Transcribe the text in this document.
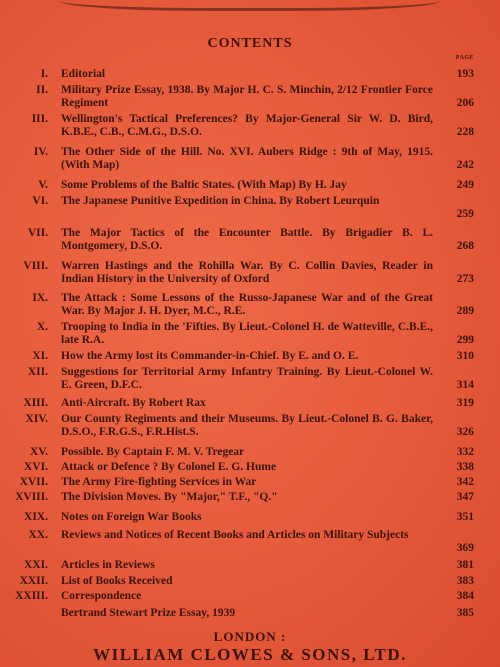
CONTENTS
PAGE
I. Editorial	193
II. Military Prize Essay, 1938. By Major H. C. S. Minchin, 2/12 Frontier Force Regiment	206
III. Wellington's Tactical Preferences? By Major-General Sir W. D. Bird, K.B.E., C.B., C.M.G., D.S.O.	228
IV. The Other Side of the Hill. No. XVI. Aubers Ridge : 9th of May, 1915. (With Map)	242
V. Some Problems of the Baltic States. (With Map) By H. Jay	249
VI. The Japanese Punitive Expedition in China. By Robert Leurquin
259
VII. The Major Tactics of the Encounter Battle. By Brigadier B. L. Montgomery, D.S.O.	268
VIII. Warren Hastings and the Rohilla War. By C. Collin Davies, Reader in Indian History in the University of Oxford	273
IX. The Attack : Some Lessons of the Russo-Japanese War and of the Great War. By Major J. H. Dyer, M.C., R.E.	289
X. Trooping to India in the 'Fifties. By Lieut.-Colonel H. de Watteville, C.B.E., late R.A.	299
XI. How the Army lost its Commander-in-Chief. By E. and O. E.	310
XII. Suggestions for Territorial Army Infantry Training. By Lieut.-Colonel W. E. Green, D.F.C.	314
XIII. Anti-Aircraft. By Robert Rax	319
XIV. Our County Regiments and their Museums. By Lieut.-Colonel B. G. Baker, D.S.O., F.R.G.S., F.R.Hist.S.	326
XV. Possible. By Captain F. M. V. Tregear	332
XVI. Attack or Defence ? By Colonel E. G. Hume	338
XVII. The Army Fire-fighting Services in War	342
XVIII. The Division Moves. By "Major," T.F., "Q."	347
XIX. Notes on Foreign War Books	351
XX. Reviews and Notices of Recent Books and Articles on Military Subjects
369
XXI. Articles in Reviews	381
XXII. List of Books Received	383
XXIII. Correspondence	384
Bertrand Stewart Prize Essay, 1939	385
LONDON :
WILLIAM CLOWES & SONS, LTD.
